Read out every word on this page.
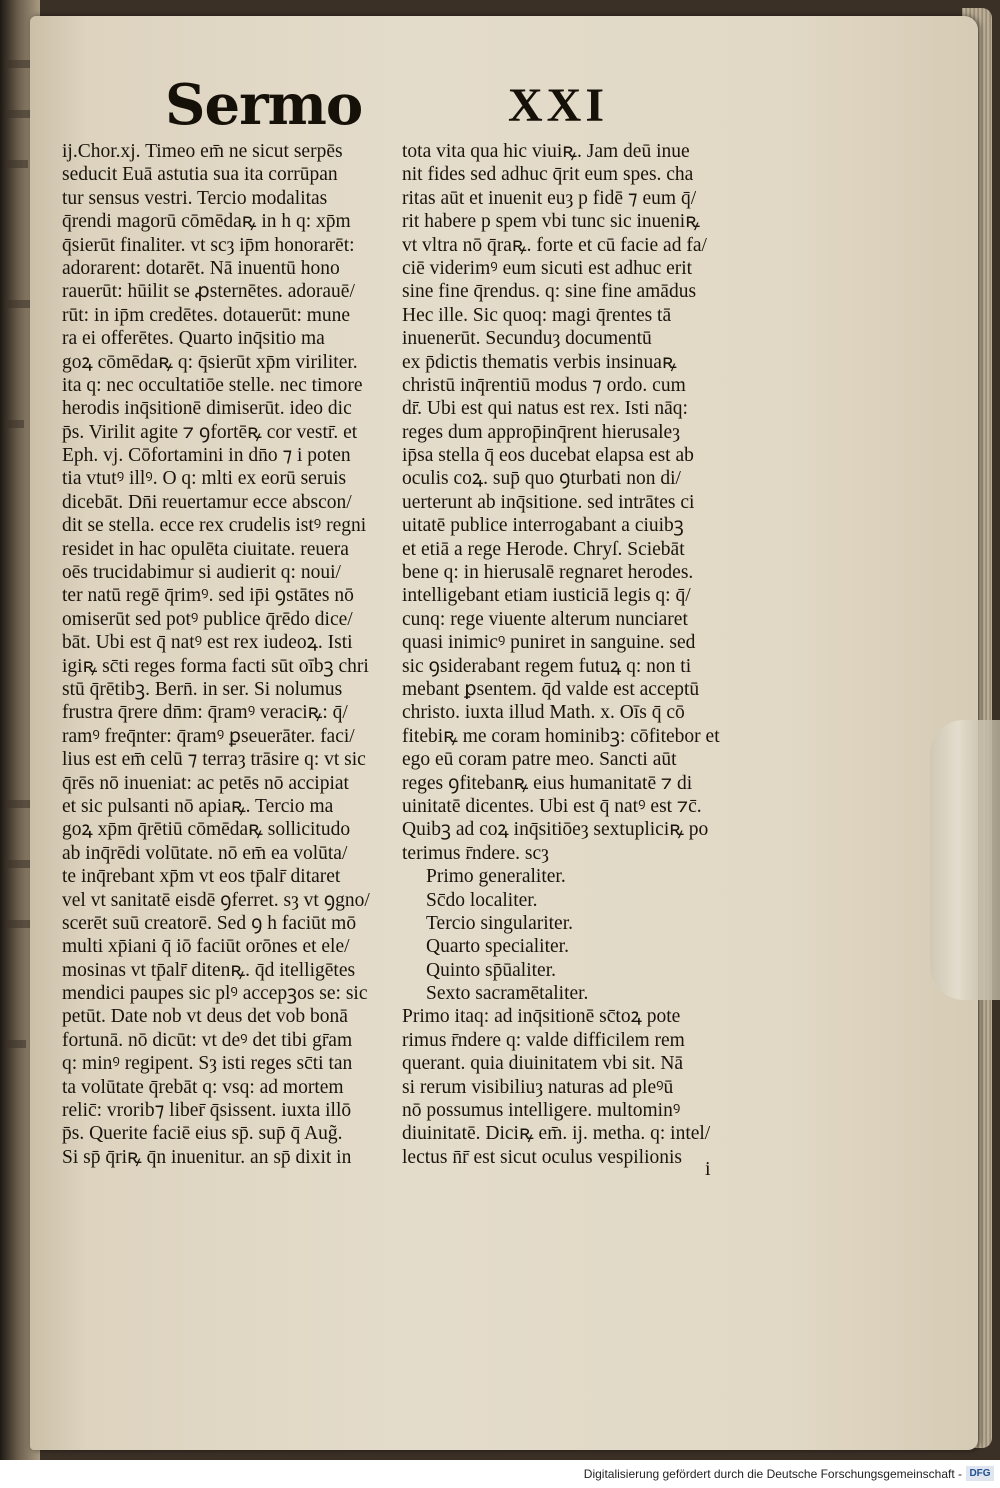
Sermo	XXI
ij.Chor.xj. Timeo em̄ ne sicut serpēs
seducit Euā astutia sua ita corrūpan
tur sensus vestri. Tercio modalitas
q̄rendi magorū cōmēdaꝶ in h q: xp̄m
q̄sierūt finaliter. vt scȝ ip̄m honorarēt:
adorarent: dotarēt. Nā inuentū hono
rauerūt: hūilit se ꝓsternētes. adorauē/
rūt: in ip̄m credētes. dotauerūt: mune
ra ei offerētes. Quarto inq̄sitio ma
goꝝ cōmēdaꝶ q: q̄sierūt xp̄m viriliter.
ita q: nec occultatiōe stelle. nec timore
herodis inq̄sitionē dimiserūt. ideo dic
p̄s. Virilit agite ⁊ ꝯfortēꝶ cor vestr̄. et
Eph. vj. Cōfortamini in dn̄o ⁊ i poten
tia vtutꝰ illꝰ. O q: mlti ex eorū seruis
dicebāt. Dn̄i reuertamur ecce abscon/
dit se stella. ecce rex crudelis istꝰ regni
residet in hac opulēta ciuitate. reuera
oēs trucidabimur si audierit q: noui/
ter natū regē q̄rimꝰ. sed ip̄i ꝯstātes nō
omiserūt sed potꝰ publice q̄rēdo dice/
bāt. Ubi est q̄ natꝰ est rex iudeoꝝ. Isti
igiꝶ sc̄ti reges forma facti sūt oībꝫ chri
stū q̄rētibꝫ. Bern̄. in ser. Si nolumus
frustra q̄rere dn̄m: q̄ramꝰ veraciꝶ: q̄/
ramꝰ freq̄nter: q̄ramꝰ ꝑseuerāter. faci/
lius est em̄ celū ⁊ terraȝ trāsire q: vt sic
q̄rēs nō inueniat: ac petēs nō accipiat
et sic pulsanti nō apiaꝶ. Tercio ma
goꝝ xp̄m q̄rētiū cōmēdaꝶ sollicitudo
ab inq̄rēdi volūtate. nō em̄ ea volūta/
te inq̄rebant xp̄m vt eos tp̄alr̄ ditaret
vel vt sanitatē eisdē ꝯferret. sȝ vt ꝯgno/
scerēt suū creatorē. Sed ꝯ h faciūt mō
multi xp̄iani q̄ iō faciūt orōnes et ele/
mosinas vt tp̄alr̄ ditenꝶ. q̄d itelligētes
mendici paupes sic plꝰ accepꝫos se: sic
petūt. Date nob vt deus det vob bonā
fortunā. nō dicūt: vt deꝰ det tibi gr̄am
q: minꝰ regipent. Sȝ isti reges sc̄ti tan
ta volūtate q̄rebāt q: vsq: ad mortem
relic̄: vrorib⁊ liber̄ q̄sissent. iuxta illō
p̄s. Querite faciē eius sp̄. sup̄ q̄ Aug̃.
Si sp̄ q̄riꝶ q̄n inuenitur. an sp̄ dixit in
tota vita qua hic viuiꝶ. Jam deū inue
nit fides sed adhuc q̄rit eum spes. cha
ritas aūt et inuenit euȝ p fidē ⁊ eum q̄/
rit habere p spem vbi tunc sic inueniꝶ
vt vltra nō q̄raꝶ. forte et cū facie ad fa/
ciē viderimꝰ eum sicuti est adhuc erit
sine fine q̄rendus. q: sine fine amādus
Hec ille. Sic quoq: magi q̄rentes tā
inuenerūt. Secunduȝ documentū
ex p̄dictis thematis verbis insinuaꝶ
christū inq̄rentiū modus ⁊ ordo. cum
dr̄. Ubi est qui natus est rex. Isti nāq:
reges dum approp̄inq̄rent hierusaleȝ
ip̄sa stella q̄ eos ducebat elapsa est ab
oculis coꝝ. sup̄ quo ꝯturbati non di/
uerterunt ab inq̄sitione. sed intrātes ci
uitatē publice interrogabant a ciuibꝫ
et etiā a rege Herode. Chryſ. Sciebāt
bene q: in hierusalē regnaret herodes.
intelligebant etiam iusticiā legis q: q̄/
cunq: rege viuente alterum nunciaret
quasi inimicꝰ puniret in sanguine. sed
sic ꝯsiderabant regem futuꝝ q: non ti
mebant ꝑsentem. q̄d valde est acceptū
christo. iuxta illud Math. x. Oīs q̄ cō
fitebiꝶ me coram hominibꝫ: cōfitebor et
ego eū coram patre meo. Sancti aūt
reges ꝯfitebanꝶ eius humanitatē ⁊ di
uinitatē dicentes. Ubi est q̄ natꝰ est ⁊c̄.
Quibꝫ ad coꝝ inq̄sitiōeȝ sextupliciꝶ po
terimus r̄ndere. scȝ
Primo generaliter.
Sc̄do localiter.
Tercio singulariter.
Quarto specialiter.
Quinto sp̄ūaliter.
Sexto sacramētaliter.
Primo itaq: ad inq̄sitionē sc̄toꝝ pote
rimus r̄ndere q: valde difficilem rem
querant. quia diuinitatem vbi sit. Nā
si rerum visibiliuȝ naturas ad pleꝰū
nō possumus intelligere. multominꝰ
diuinitatē. Diciꝶ em̄. ij. metha. q: intel/
lectus n̄r̄ est sicut oculus vespilionis
i
Digitalisierung gefördert durch die Deutsche Forschungsgemeinschaft - DFG
